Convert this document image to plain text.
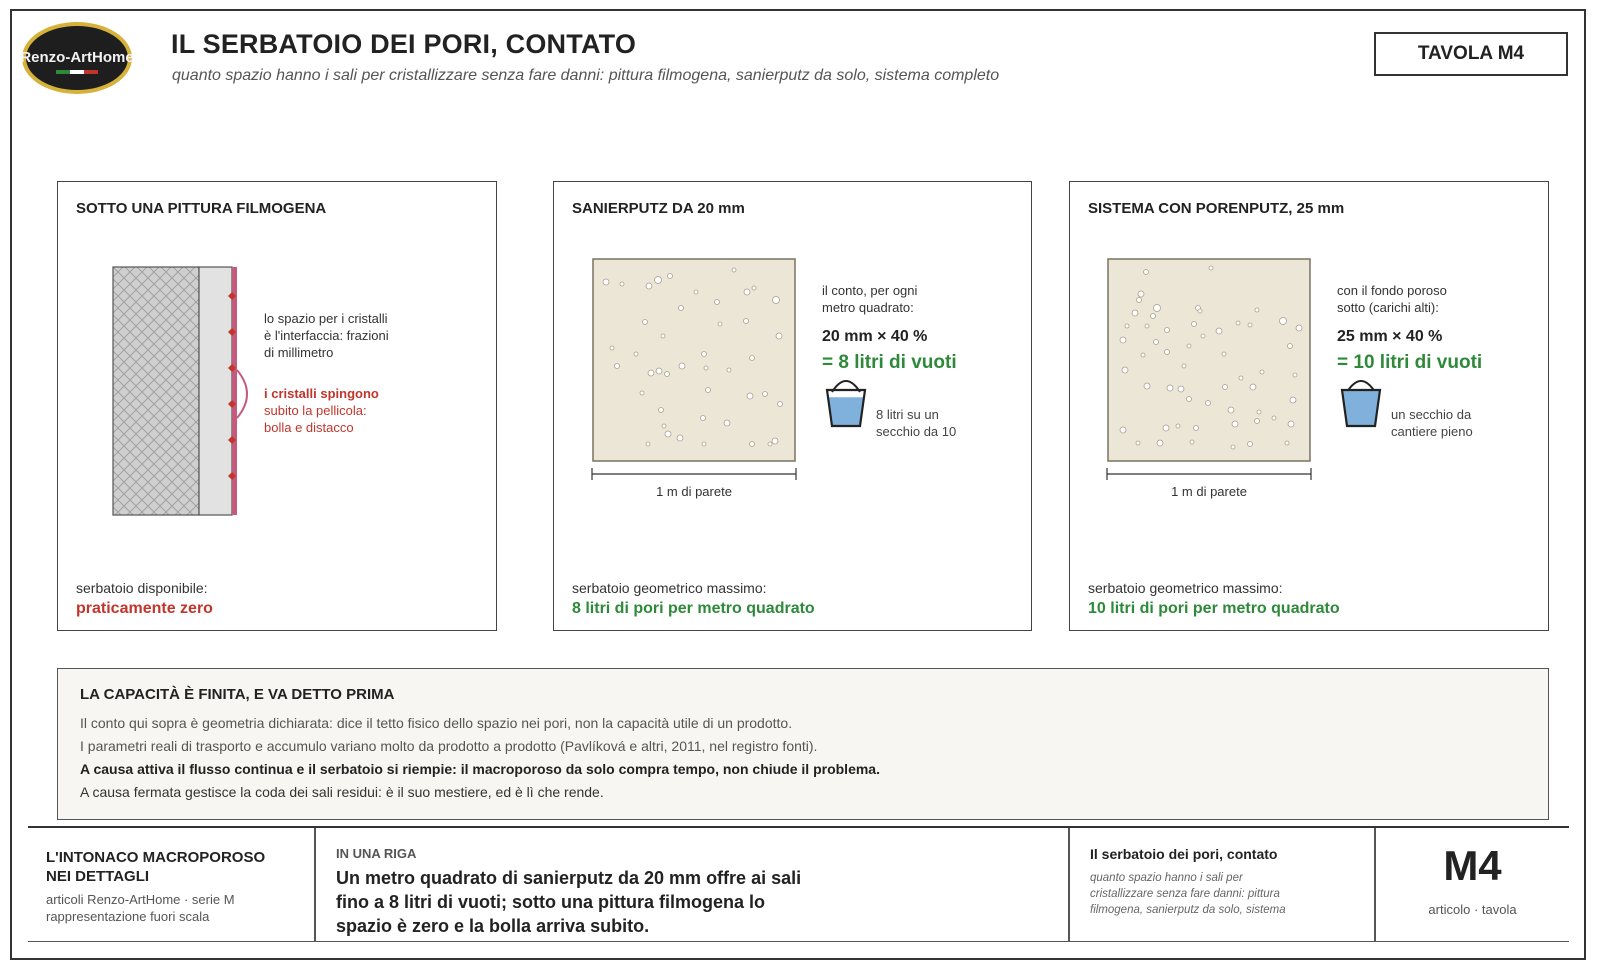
Renzo-ArtHome IL SERBATOIO DEI PORI, CONTATO
quanto spazio hanno i sali per cristallizzare senza fare danni: pittura filmogena, sanierputz da solo, sistema completo
TAVOLA M4
SOTTO UNA PITTURA FILMOGENA
lo spazio per i cristalli
è l'interfaccia: frazioni
di millimetro
i cristalli spingono
subito la pellicola:
bolla e distacco
serbatoio disponibile:
praticamente zero
SANIERPUTZ DA 20 mm
1 m di parete
il conto, per ogni
metro quadrato:
20 mm × 40 %
= 8 litri di vuoti
8 litri su un
secchio da 10
serbatoio geometrico massimo:
8 litri di pori per metro quadrato
SISTEMA CON PORENPUTZ, 25 mm
1 m di parete
con il fondo poroso
sotto (carichi alti):
25 mm × 40 %
= 10 litri di vuoti
un secchio da
cantiere pieno
serbatoio geometrico massimo:
10 litri di pori per metro quadrato
LA CAPACITÀ È FINITA, E VA DETTO PRIMA
Il conto qui sopra è geometria dichiarata: dice il tetto fisico dello spazio nei pori, non la capacità utile di un prodotto.
I parametri reali di trasporto e accumulo variano molto da prodotto a prodotto (Pavlíková e altri, 2011, nel registro fonti).
A causa attiva il flusso continua e il serbatoio si riempie: il macroporoso da solo compra tempo, non chiude il problema.
A causa fermata gestisce la coda dei sali residui: è il suo mestiere, ed è lì che rende.
L'INTONACO MACROPOROSO
NEI DETTAGLI
articoli Renzo-ArtHome · serie M
rappresentazione fuori scala
IN UNA RIGA
Un metro quadrato di sanierputz da 20 mm offre ai sali
fino a 8 litri di vuoti; sotto una pittura filmogena lo
spazio è zero e la bolla arriva subito.
Il serbatoio dei pori, contato
quanto spazio hanno i sali per
cristallizzare senza fare danni: pittura
filmogena, sanierputz da solo, sistema
M4
articolo · tavola
